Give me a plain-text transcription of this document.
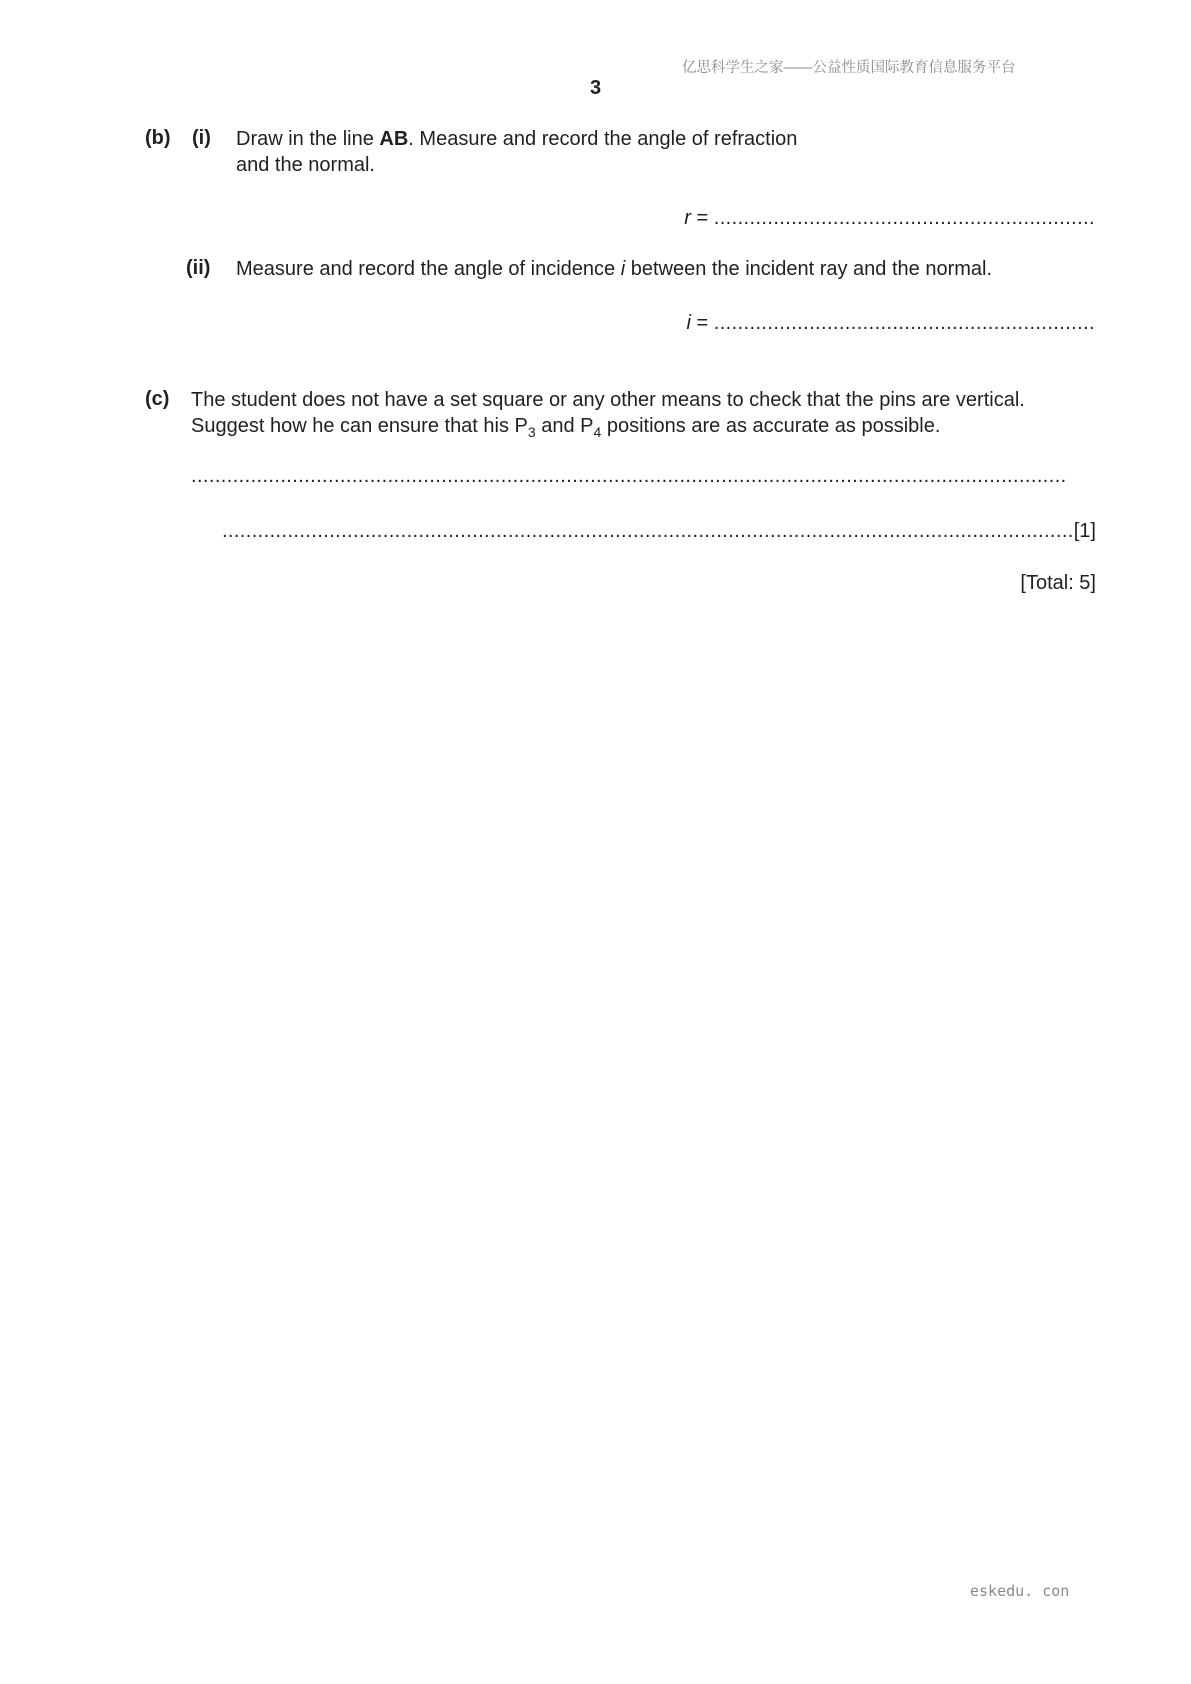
亿思科学生之家——公益性质国际教育信息服务平台
3
(b) (i) Draw in the line AB. Measure and record the angle of refraction
and the normal.
r = ................................................................
(ii) Measure and record the angle of incidence i between the incident ray and the normal.
i = ................................................................
(c) The student does not have a set square or any other means to check that the pins are vertical.
Suggest how he can ensure that his $P_3$ and $P_4$ positions are as accurate as possible.
...................................................................................................................................................
...............................................................................................................................................[1]
[Total: 5]
eskedu. con
